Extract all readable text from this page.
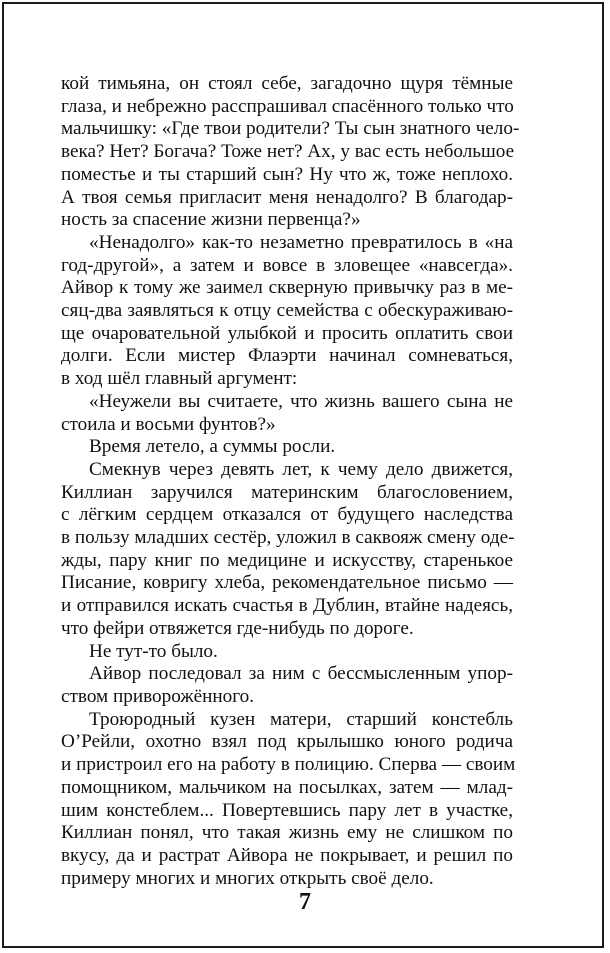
кой тимьяна, он стоял себе, загадочно щуря тёмные
глаза, и небрежно расспрашивал спасённого только что
мальчишку: «Где твои родители? Ты сын знатного чело-
века? Нет? Богача? Тоже нет? Ах, у вас есть небольшое
поместье и ты старший сын? Ну что ж, тоже неплохо.
А твоя семья пригласит меня ненадолго? В благодар-
ность за спасение жизни первенца?»

«Ненадолго» как-то незаметно превратилось в «на
год-другой», а затем и вовсе в зловещее «навсегда».
Айвор к тому же заимел скверную привычку раз в ме-
сяц-два заявляться к отцу семейства с обескураживаю-
ще очаровательной улыбкой и просить оплатить свои
долги. Если мистер Флаэрти начинал сомневаться,
в ход шёл главный аргумент:

«Неужели вы считаете, что жизнь вашего сына не
стоила и восьми фунтов?»

Время летело, а суммы росли.

Смекнув через девять лет, к чему дело движется,
Киллиан заручился материнским благословением,
с лёгким сердцем отказался от будущего наследства
в пользу младших сестёр, уложил в саквояж смену оде-
жды, пару книг по медицине и искусству, старенькое
Писание, ковригу хлеба, рекомендательное письмо —
и отправился искать счастья в Дублин, втайне надеясь,
что фейри отвяжется где-нибудь по дороге.

Не тут-то было.

Айвор последовал за ним с бессмысленным упор-
ством приворожённого.

Троюродный кузен матери, старший констебль
О’Рейли, охотно взял под крылышко юного родича
и пристроил его на работу в полицию. Сперва — своим
помощником, мальчиком на посылках, затем — млад-
шим констеблем... Повертевшись пару лет в участке,
Киллиан понял, что такая жизнь ему не слишком по
вкусу, да и растрат Айвора не покрывает, и решил по
примеру многих и многих открыть своё дело.

7
